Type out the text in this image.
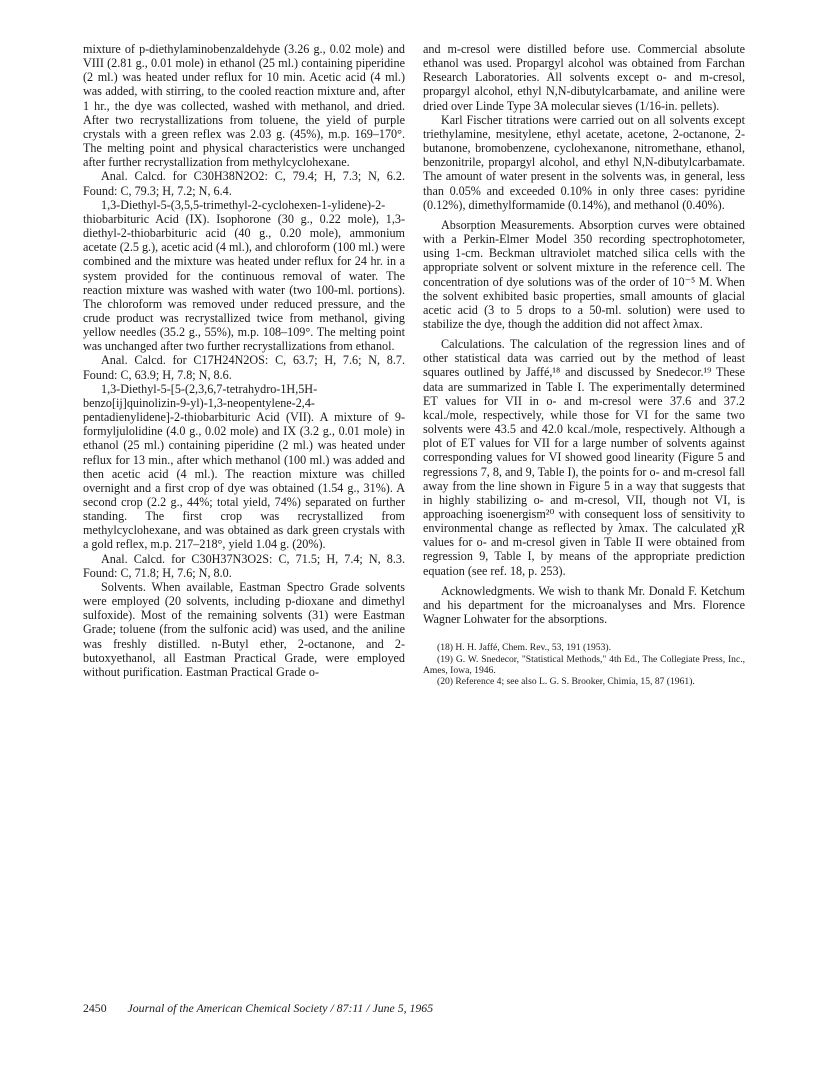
mixture of p-diethylaminobenzaldehyde (3.26 g., 0.02 mole) and VIII (2.81 g., 0.01 mole) in ethanol (25 ml.) containing piperidine (2 ml.) was heated under reflux for 10 min. Acetic acid (4 ml.) was added, with stirring, to the cooled reaction mixture and, after 1 hr., the dye was collected, washed with methanol, and dried. After two recrystallizations from toluene, the yield of purple crystals with a green reflex was 2.03 g. (45%), m.p. 169–170°. The melting point and physical characteristics were unchanged after further recrystallization from methylcyclohexane.

Anal. Calcd. for C30H38N2O2: C, 79.4; H, 7.3; N, 6.2. Found: C, 79.3; H, 7.2; N, 6.4.

1,3-Diethyl-5-(3,5,5-trimethyl-2-cyclohexen-1-ylidene)-2-thiobarbituric Acid (IX). Isophorone (30 g., 0.22 mole), 1,3-diethyl-2-thiobarbituric acid (40 g., 0.20 mole), ammonium acetate (2.5 g.), acetic acid (4 ml.), and chloroform (100 ml.) were combined and the mixture was heated under reflux for 24 hr. in a system provided for the continuous removal of water. The reaction mixture was washed with water (two 100-ml. portions). The chloroform was removed under reduced pressure, and the crude product was recrystallized twice from methanol, giving yellow needles (35.2 g., 55%), m.p. 108–109°. The melting point was unchanged after two further recrystallizations from ethanol.

Anal. Calcd. for C17H24N2OS: C, 63.7; H, 7.6; N, 8.7. Found: C, 63.9; H, 7.8; N, 8.6.

1,3-Diethyl-5-[5-(2,3,6,7-tetrahydro-1H,5H-benzo[ij]quinolizin-9-yl)-1,3-neopentylene-2,4-pentadienylidene]-2-thiobarbituric Acid (VII). A mixture of 9-formyljulolidine (4.0 g., 0.02 mole) and IX (3.2 g., 0.01 mole) in ethanol (25 ml.) containing piperidine (2 ml.) was heated under reflux for 13 min., after which methanol (100 ml.) was added and then acetic acid (4 ml.). The reaction mixture was chilled overnight and a first crop of dye was obtained (1.54 g., 31%). A second crop (2.2 g., 44%; total yield, 74%) separated on further standing. The first crop was recrystallized from methylcyclohexane, and was obtained as dark green crystals with a gold reflex, m.p. 217–218°, yield 1.04 g. (20%).

Anal. Calcd. for C30H37N3O2S: C, 71.5; H, 7.4; N, 8.3. Found: C, 71.8; H, 7.6; N, 8.0.

Solvents. When available, Eastman Spectro Grade solvents were employed (20 solvents, including p-dioxane and dimethyl sulfoxide). Most of the remaining solvents (31) were Eastman Grade; toluene (from the sulfonic acid) was used, and the aniline was freshly distilled. n-Butyl ether, 2-octanone, and 2-butoxyethanol, all Eastman Practical Grade, were employed without purification. Eastman Practical Grade o-

and m-cresol were distilled before use. Commercial absolute ethanol was used. Propargyl alcohol was obtained from Farchan Research Laboratories. All solvents except o- and m-cresol, propargyl alcohol, ethyl N,N-dibutylcarbamate, and aniline were dried over Linde Type 3A molecular sieves (1/16-in. pellets).

Karl Fischer titrations were carried out on all solvents except triethylamine, mesitylene, ethyl acetate, acetone, 2-octanone, 2-butanone, bromobenzene, cyclohexanone, nitromethane, ethanol, benzonitrile, propargyl alcohol, and ethyl N,N-dibutylcarbamate. The amount of water present in the solvents was, in general, less than 0.05% and exceeded 0.10% in only three cases: pyridine (0.12%), dimethylformamide (0.14%), and methanol (0.40%).

Absorption Measurements. Absorption curves were obtained with a Perkin-Elmer Model 350 recording spectrophotometer, using 1-cm. Beckman ultraviolet matched silica cells with the appropriate solvent or solvent mixture in the reference cell. The concentration of dye solutions was of the order of 10⁻⁵ M. When the solvent exhibited basic properties, small amounts of glacial acetic acid (3 to 5 drops to a 50-ml. solution) were used to stabilize the dye, though the addition did not affect λmax.

Calculations. The calculation of the regression lines and of other statistical data was carried out by the method of least squares outlined by Jaffé,¹⁸ and discussed by Snedecor.¹⁹ These data are summarized in Table I. The experimentally determined ET values for VII in o- and m-cresol were 37.6 and 37.2 kcal./mole, respectively, while those for VI for the same two solvents were 43.5 and 42.0 kcal./mole, respectively. Although a plot of ET values for VII for a large number of solvents against corresponding values for VI showed good linearity (Figure 5 and regressions 7, 8, and 9, Table I), the points for o- and m-cresol fall away from the line shown in Figure 5 in a way that suggests that in highly stabilizing o- and m-cresol, VII, though not VI, is approaching isoenergism²⁰ with consequent loss of sensitivity to environmental change as reflected by λmax. The calculated χR values for o- and m-cresol given in Table II were obtained from regression 9, Table I, by means of the appropriate prediction equation (see ref. 18, p. 253).

Acknowledgments. We wish to thank Mr. Donald F. Ketchum and his department for the microanalyses and Mrs. Florence Wagner Lohwater for the absorptions.

(18) H. H. Jaffé, Chem. Rev., 53, 191 (1953).

(19) G. W. Snedecor, "Statistical Methods," 4th Ed., The Collegiate Press, Inc., Ames, Iowa, 1946.

(20) Reference 4; see also L. G. S. Brooker, Chimia, 15, 87 (1961).

2450 Journal of the American Chemical Society / 87:11 / June 5, 1965
